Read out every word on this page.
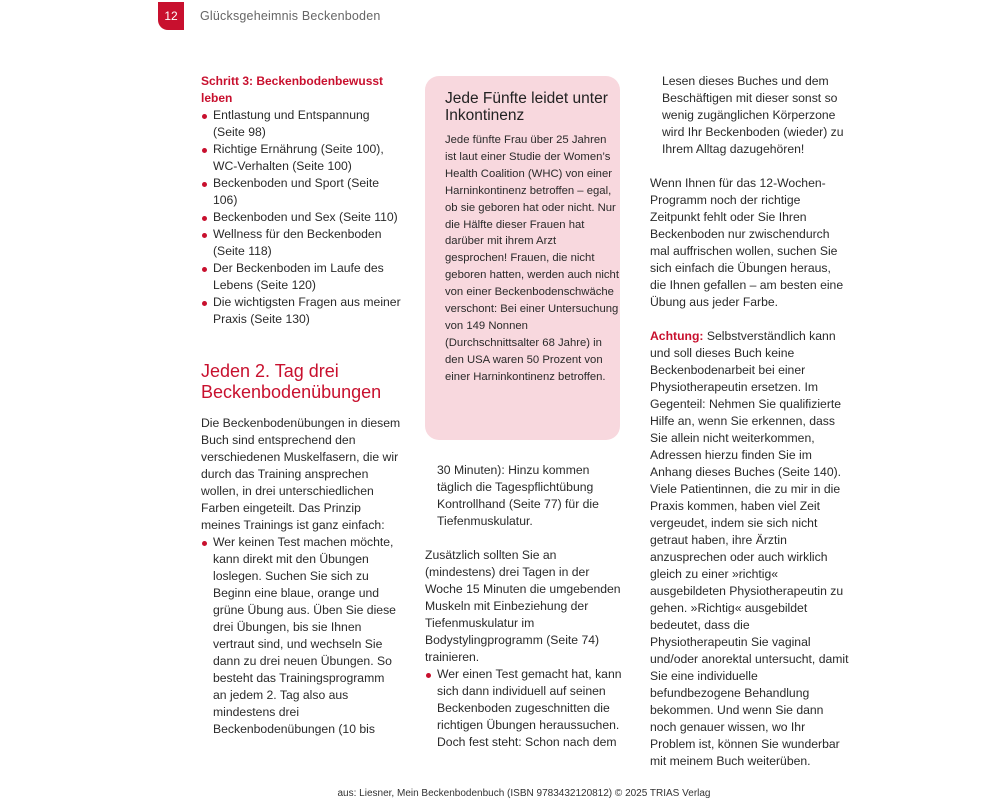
12	Glücksgeheimnis Beckenboden
Schritt 3: Beckenbodenbewusst leben
Entlastung und Entspannung (Seite 98)
Richtige Ernährung (Seite 100), WC-Verhalten (Seite 100)
Beckenboden und Sport (Seite 106)
Beckenboden und Sex (Seite 110)
Wellness für den Beckenboden (Seite 118)
Der Beckenboden im Laufe des Lebens (Seite 120)
Die wichtigsten Fragen aus meiner Praxis (Seite 130)
Jeden 2. Tag drei Beckenbodenübungen

Die Beckenbodenübungen in diesem Buch sind entsprechend den verschiedenen Muskelfasern, die wir durch das Training ansprechen wollen, in drei unterschiedlichen Farben eingeteilt. Das Prinzip meines Trainings ist ganz einfach:

Wer keinen Test machen möchte, kann direkt mit den Übungen loslegen. Suchen Sie sich zu Beginn eine blaue, orange und grüne Übung aus. Üben Sie diese drei Übungen, bis sie Ihnen vertraut sind, und wechseln Sie dann zu drei neuen Übungen. So besteht das Trainingsprogramm an jedem 2. Tag also aus mindestens drei Beckenbodenübungen (10 bis
Jede Fünfte leidet unter Inkontinenz

Jede fünfte Frau über 25 Jahren ist laut einer Studie der Women’s Health Coalition (WHC) von einer Harninkontinenz betroffen – egal, ob sie geboren hat oder nicht. Nur die Hälfte dieser Frauen hat darüber mit ihrem Arzt gesprochen! Frauen, die nicht geboren hatten, werden auch nicht von einer Beckenbodenschwäche verschont: Bei einer Untersuchung von 149 Nonnen (Durchschnittsalter 68 Jahre) in den USA waren 50 Prozent von einer Harninkontinenz betroffen.

30 Minuten): Hinzu kommen täglich die Tagespflichtübung Kontrollhand (Seite 77) für die Tiefenmuskulatur.

Zusätzlich sollten Sie an (mindestens) drei Tagen in der Woche 15 Minuten die umgebenden Muskeln mit Einbeziehung der Tiefenmuskulatur im Bodystylingprogramm (Seite 74) trainieren.

Wer einen Test gemacht hat, kann sich dann individuell auf seinen Beckenboden zugeschnitten die richtigen Übungen heraussuchen. Doch fest steht: Schon nach dem

Lesen dieses Buches und dem Beschäftigen mit dieser sonst so wenig zugänglichen Körperzone wird Ihr Beckenboden (wieder) zu Ihrem Alltag dazugehören!

Wenn Ihnen für das 12-Wochen-Programm noch der richtige Zeitpunkt fehlt oder Sie Ihren Beckenboden nur zwischendurch mal auffrischen wollen, suchen Sie sich einfach die Übungen heraus, die Ihnen gefallen – am besten eine Übung aus jeder Farbe.

Achtung: Selbstverständlich kann und soll dieses Buch keine Beckenbodenarbeit bei einer Physiotherapeutin ersetzen. Im Gegenteil: Nehmen Sie qualifizierte Hilfe an, wenn Sie erkennen, dass Sie allein nicht weiterkommen, Adressen hierzu finden Sie im Anhang dieses Buches (Seite 140). Viele Patientinnen, die zu mir in die Praxis kommen, haben viel Zeit vergeudet, indem sie sich nicht getraut haben, ihre Ärztin anzusprechen oder auch wirklich gleich zu einer »richtig« ausgebildeten Physiotherapeutin zu gehen. »Richtig« ausgebildet bedeutet, dass die Physiotherapeutin Sie vaginal und/oder anorektal untersucht, damit Sie eine individuelle befundbezogene Behandlung bekommen. Und wenn Sie dann noch genauer wissen, wo Ihr Problem ist, können Sie wunderbar mit meinem Buch weiterüben.

aus: Liesner, Mein Beckenbodenbuch (ISBN 9783432120812) © 2025 TRIAS Verlag
